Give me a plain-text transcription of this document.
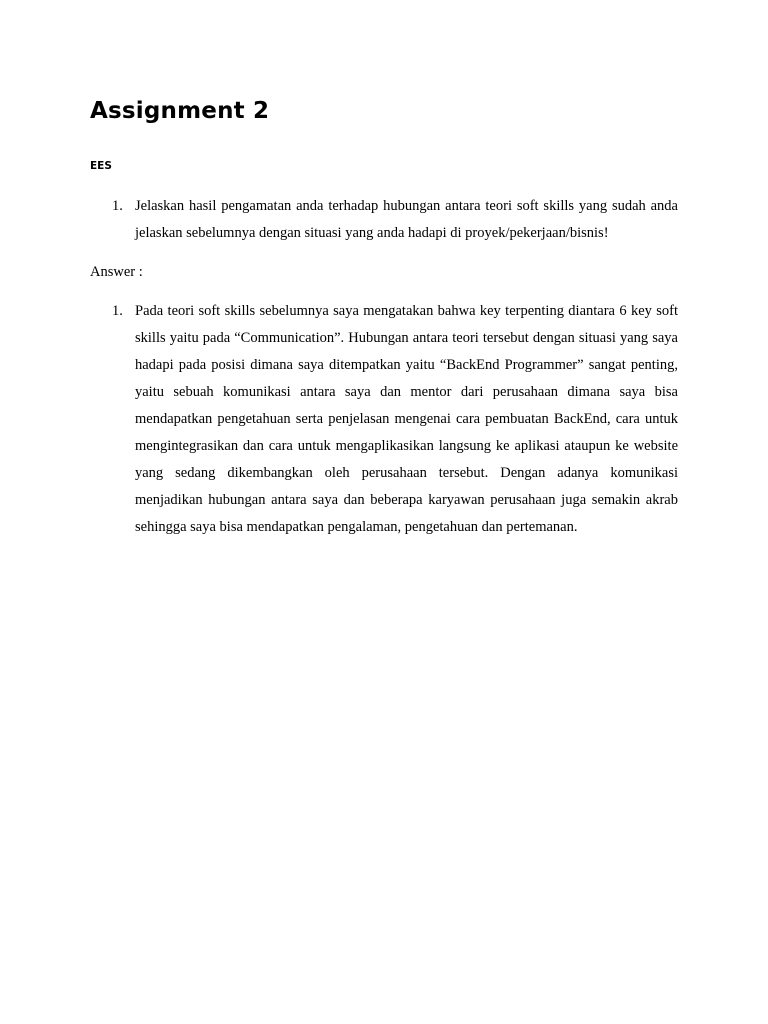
Assignment 2

EES

1. Jelaskan hasil pengamatan anda terhadap hubungan antara teori soft skills yang sudah anda jelaskan sebelumnya dengan situasi yang anda hadapi di proyek/pekerjaan/bisnis!

Answer :

1. Pada teori soft skills sebelumnya saya mengatakan bahwa key terpenting diantara 6 key soft skills yaitu pada “Communication”. Hubungan antara teori tersebut dengan situasi yang saya hadapi pada posisi dimana saya ditempatkan yaitu “BackEnd Programmer” sangat penting, yaitu sebuah komunikasi antara saya dan mentor dari perusahaan dimana saya bisa mendapatkan pengetahuan serta penjelasan mengenai cara pembuatan BackEnd, cara untuk mengintegrasikan dan cara untuk mengaplikasikan langsung ke aplikasi ataupun ke website yang sedang dikembangkan oleh perusahaan tersebut. Dengan adanya komunikasi menjadikan hubungan antara saya dan beberapa karyawan perusahaan juga semakin akrab sehingga saya bisa mendapatkan pengalaman, pengetahuan dan pertemanan.
